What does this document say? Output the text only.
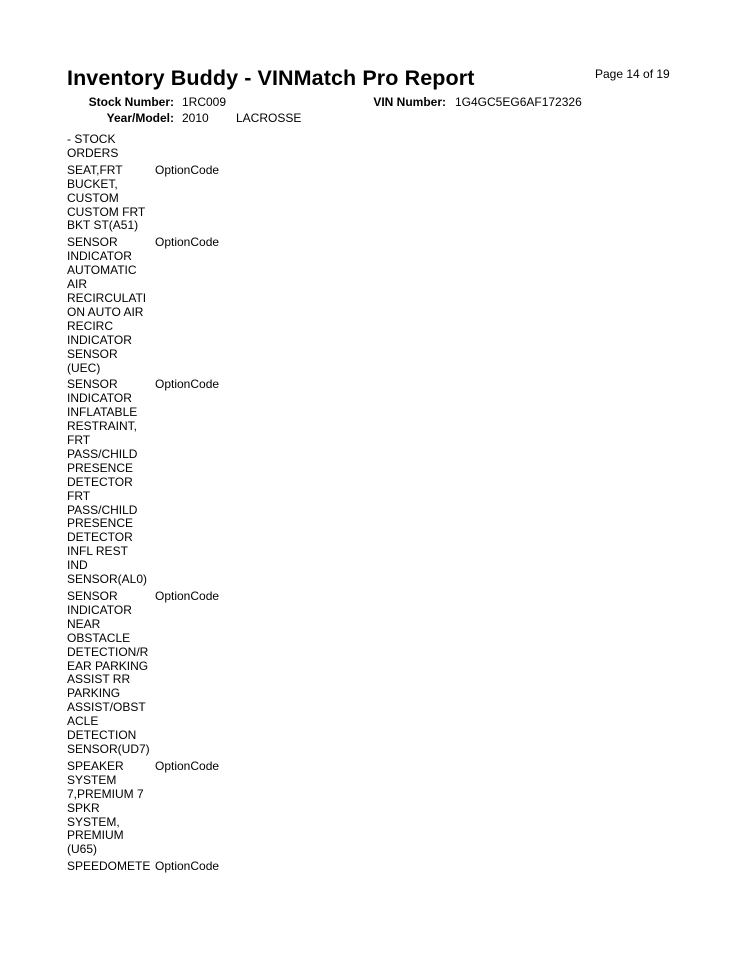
Inventory Buddy - VINMatch Pro Report	Page 14 of 19
Stock Number: 1RC009	VIN Number: 1G4GC5EG6AF172326
Year/Model: 2010 LACROSSE
- STOCK
ORDERS
SEAT,FRT
BUCKET,
CUSTOM
CUSTOM FRT
BKT ST(A51)
OptionCode
SENSOR
INDICATOR
AUTOMATIC
AIR
RECIRCULATI
ON AUTO AIR
RECIRC
INDICATOR
SENSOR
(UEC)
OptionCode
SENSOR
INDICATOR
INFLATABLE
RESTRAINT,
FRT
PASS/CHILD
PRESENCE
DETECTOR
FRT
PASS/CHILD
PRESENCE
DETECTOR
INFL REST
IND
SENSOR(AL0)
OptionCode
SENSOR
INDICATOR
NEAR
OBSTACLE
DETECTION/R
EAR PARKING
ASSIST RR
PARKING
ASSIST/OBST
ACLE
DETECTION
SENSOR(UD7)
OptionCode
SPEAKER
SYSTEM
7,PREMIUM 7
SPKR
SYSTEM,
PREMIUM
(U65)
OptionCode
SPEEDOMETE OptionCode
